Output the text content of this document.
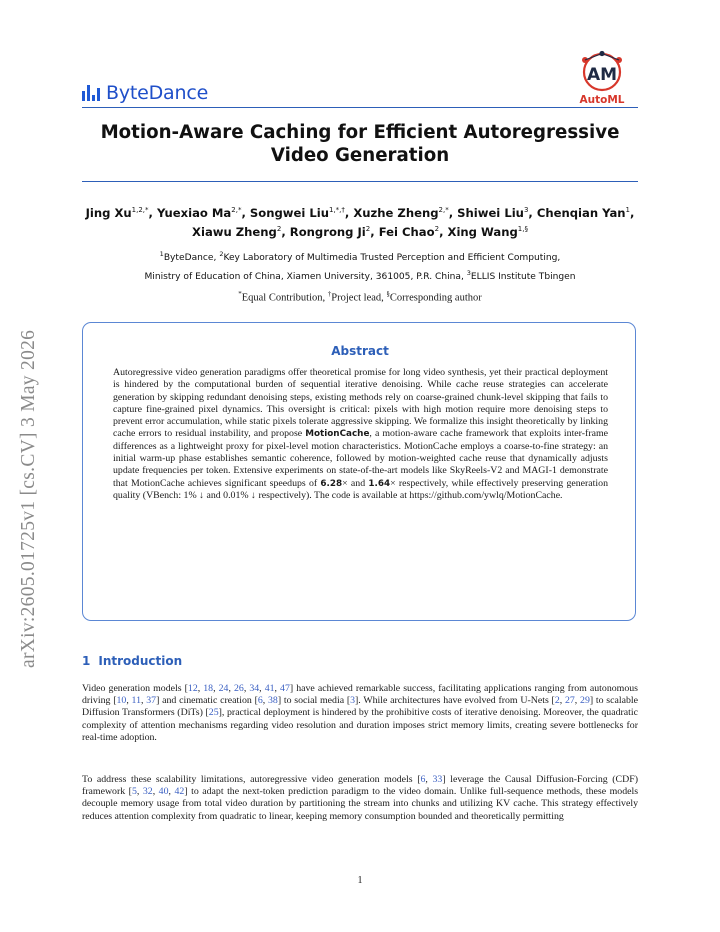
arXiv:2605.01725v1 [cs.CV] 3 May 2026
ByteDance
AM
AutoML
Motion-Aware Caching for Efficient Autoregressive
Video Generation
Jing $Xu^{1,2,*}$, Yuexiao $Ma^{2,*}$, Songwei Liu$^{1,*,\dagger}$, Xuzhe Zheng$^{2,*}$, Shiwei Liu$^3$, Chenqian Yan$^1$, Xiawu Zheng$^2$, Rongrong Ji$^2$, Fei Chao$^2$, Xing Wang$^{1,\S}$
$^1$ByteDance, $^2$Key Laboratory of Multimedia Trusted Perception and Efficient Computing,
Ministry of Education of China, Xiamen University, 361005, P.R. China, $^3$ELLIS Institute Tbingen
*Equal Contribution, †Project lead, §Corresponding author
Abstract
Autoregressive video generation paradigms offer theoretical promise for long video synthesis, yet their practical deployment is hindered by the computational burden of sequential iterative denoising. While cache reuse strategies can accelerate generation by skipping redundant denoising steps, existing methods rely on coarse-grained chunk-level skipping that fails to capture fine-grained pixel dynamics. This oversight is critical: pixels with high motion require more denoising steps to prevent error accumulation, while static pixels tolerate aggressive skipping. We formalize this insight theoretically by linking cache errors to residual instability, and propose MotionCache, a motion-aware cache framework that exploits inter-frame differences as a lightweight proxy for pixel-level motion characteristics. MotionCache employs a coarse-to-fine strategy: an initial warm-up phase establishes semantic coherence, followed by motion-weighted cache reuse that dynamically adjusts update frequencies per token. Extensive experiments on state-of-the-art models like SkyReels-V2 and MAGI-1 demonstrate that MotionCache achieves significant speedups of 6.28× and 1.64× respectively, while effectively preserving generation quality (VBench: 1% ↓ and 0.01% ↓ respectively). The code is available at https://github.com/ywlq/MotionCache.
1 Introduction
Video generation models [12, 18, 24, 26, 34, 41, 47] have achieved remarkable success, facilitating applications ranging from autonomous driving [10, 11, 37] and cinematic creation [6, 38] to social media [3]. While architectures have evolved from U-Nets [2, 27, 29] to scalable Diffusion Transformers (DiTs) [25], practical deployment is hindered by the prohibitive costs of iterative denoising. Moreover, the quadratic complexity of attention mechanisms regarding video resolution and duration imposes strict memory limits, creating severe bottlenecks for real-time adoption.
To address these scalability limitations, autoregressive video generation models [6, 33] leverage the Causal Diffusion-Forcing (CDF) framework [5, 32, 40, 42] to adapt the next-token prediction paradigm to the video domain. Unlike full-sequence methods, these models decouple memory usage from total video duration by partitioning the stream into chunks and utilizing KV cache. This strategy effectively reduces attention complexity from quadratic to linear, keeping memory consumption bounded and theoretically permitting
1
